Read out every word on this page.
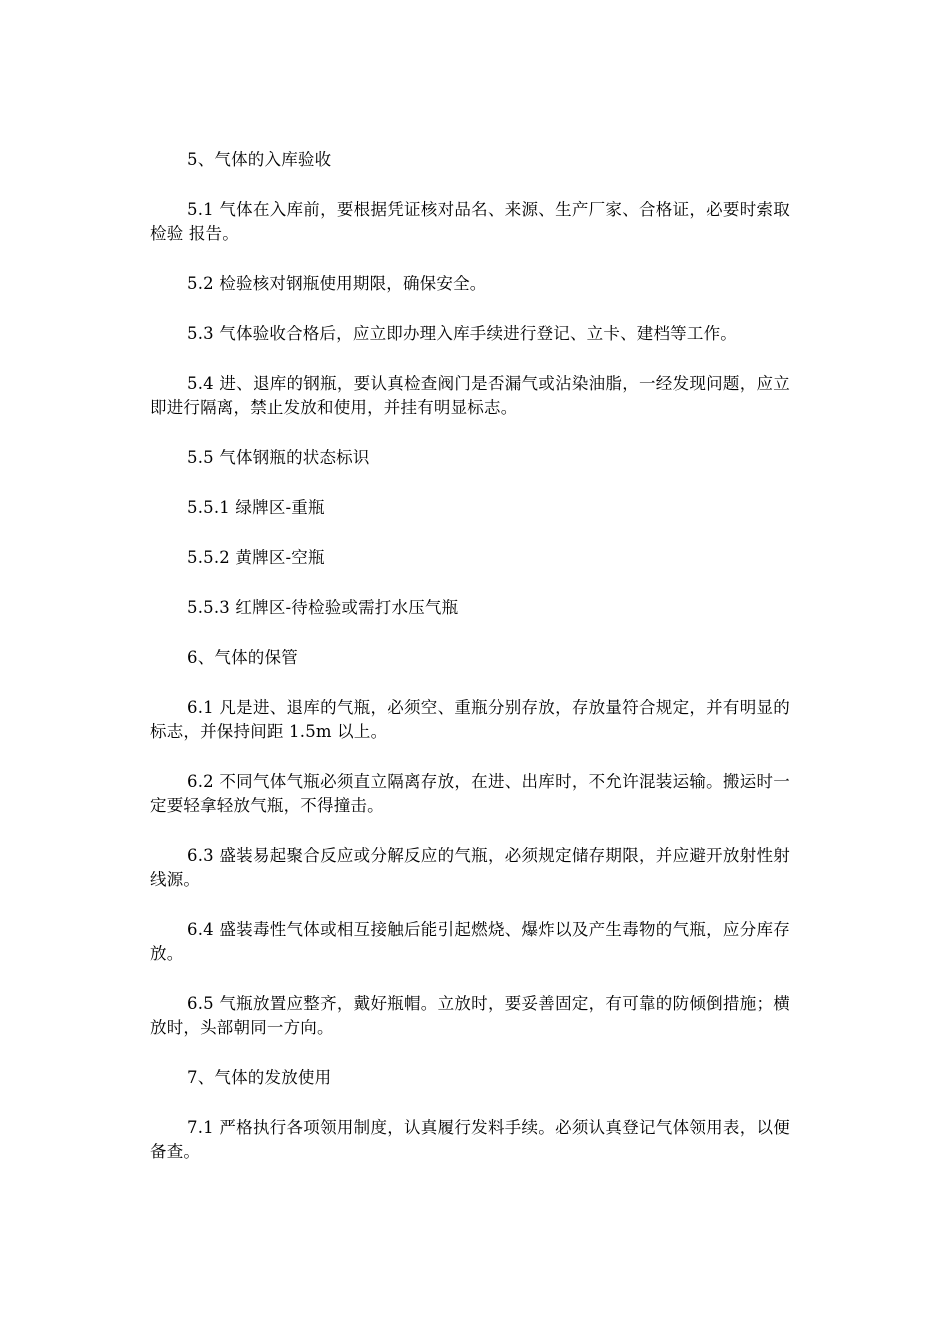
5、气体的入库验收

5.1 气体在入库前，要根据凭证核对品名、来源、生产厂家、合格证，必要时索取检验 报告。

5.2 检验核对钢瓶使用期限，确保安全。

5.3 气体验收合格后，应立即办理入库手续进行登记、立卡、建档等工作。

5.4 进、退库的钢瓶，要认真检查阀门是否漏气或沾染油脂，一经发现问题，应立即进行隔离，禁止发放和使用，并挂有明显标志。

5.5 气体钢瓶的状态标识

5.5.1 绿牌区-重瓶

5.5.2 黄牌区-空瓶

5.5.3 红牌区-待检验或需打水压气瓶

6、气体的保管

6.1 凡是进、退库的气瓶，必须空、重瓶分别存放，存放量符合规定，并有明显的标志，并保持间距 1.5m 以上。

6.2 不同气体气瓶必须直立隔离存放，在进、出库时，不允许混装运输。搬运时一定要轻拿轻放气瓶，不得撞击。

6.3 盛装易起聚合反应或分解反应的气瓶，必须规定储存期限，并应避开放射性射线源。

6.4 盛装毒性气体或相互接触后能引起燃烧、爆炸以及产生毒物的气瓶，应分库存放。

6.5 气瓶放置应整齐，戴好瓶帽。立放时，要妥善固定，有可靠的防倾倒措施；横放时，头部朝同一方向。

7、气体的发放使用

7.1 严格执行各项领用制度，认真履行发料手续。必须认真登记气体领用表，以便备查。
